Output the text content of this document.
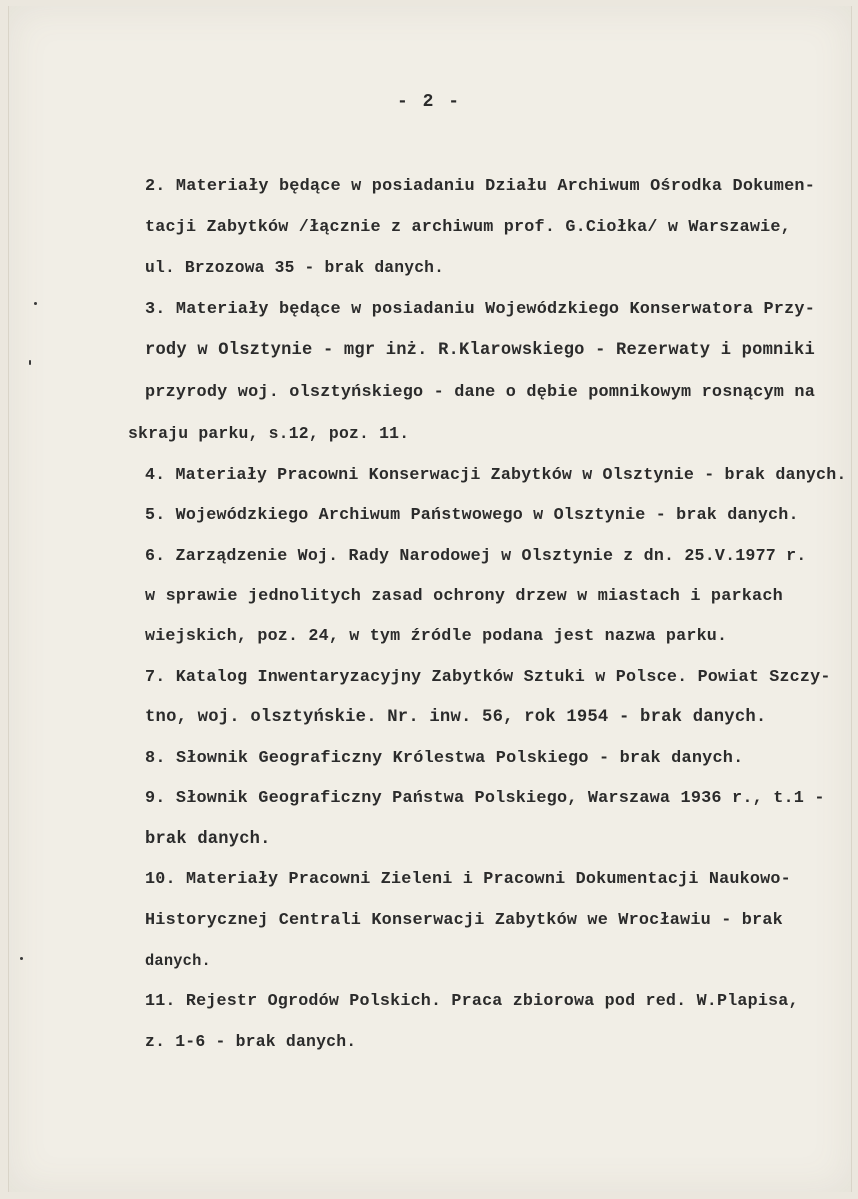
- 2 -
2. Materiały będące w posiadaniu Działu Archiwum Ośrodka Dokumen-
tacji Zabytków /łącznie z archiwum prof. G.Ciołka/ w Warszawie,
ul. Brzozowa 35 - brak danych.
3. Materiały będące w posiadaniu Wojewódzkiego Konserwatora Przy-
rody w Olsztynie - mgr inż. R.Klarowskiego - Rezerwaty i pomniki
przyrody woj. olsztyńskiego - dane o dębie pomnikowym rosnącym na
skraju parku, s.12, poz. 11.
4. Materiały Pracowni Konserwacji Zabytków w Olsztynie - brak danych.
5. Wojewódzkiego Archiwum Państwowego w Olsztynie - brak danych.
6. Zarządzenie Woj. Rady Narodowej w Olsztynie z dn. 25.V.1977 r.
w sprawie jednolitych zasad ochrony drzew w miastach i parkach
wiejskich, poz. 24, w tym źródle podana jest nazwa parku.
7. Katalog Inwentaryzacyjny Zabytków Sztuki w Polsce. Powiat Szczy-
tno, woj. olsztyńskie. Nr. inw. 56, rok 1954 - brak danych.
8. Słownik Geograficzny Królestwa Polskiego - brak danych.
9. Słownik Geograficzny Państwa Polskiego, Warszawa 1936 r., t.1 -
brak danych.
10. Materiały Pracowni Zieleni i Pracowni Dokumentacji Naukowo-
Historycznej Centrali Konserwacji Zabytków we Wrocławiu - brak
danych.
11. Rejestr Ogrodów Polskich. Praca zbiorowa pod red. W.Plapisa,
z. 1-6 - brak danych.
